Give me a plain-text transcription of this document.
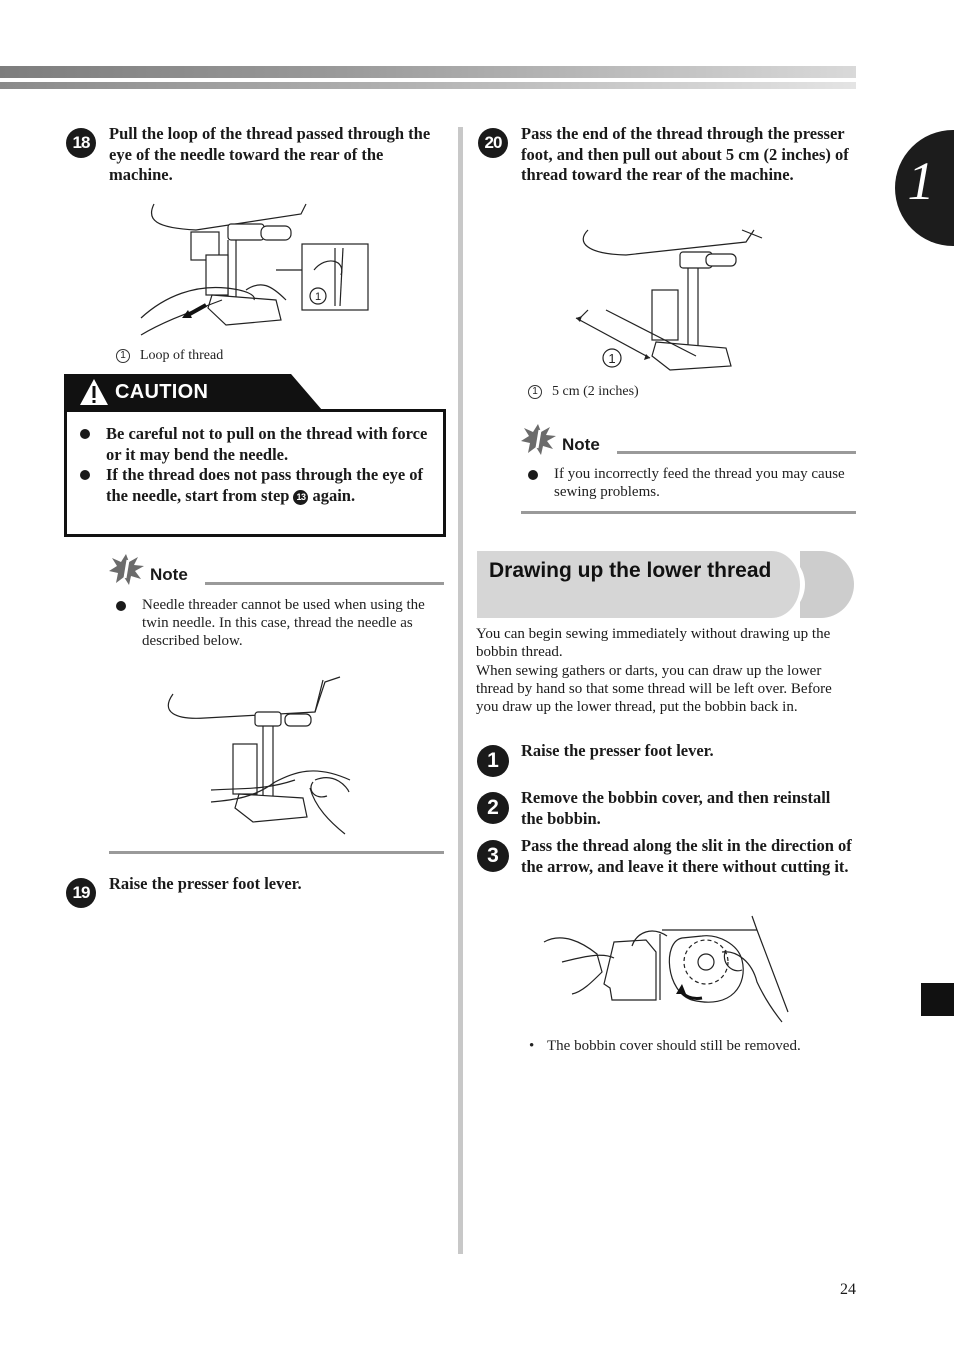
1
18	Pull the loop of the thread passed through the eye of the needle toward the rear of the machine.
1
1 Loop of thread
CAUTION
Be careful not to pull on the thread with force or it may bend the needle.
If the thread does not pass through the eye of the needle, start from step 13 again.
Note
Needle threader cannot be used when using the twin needle. In this case, thread the needle as described below.
19	Raise the presser foot lever.
20	Pass the end of the thread through the presser foot, and then pull out about 5 cm (2 inches) of thread toward the rear of the machine.
1
1 5 cm (2 inches)
Note
If you incorrectly feed the thread you may cause sewing problems.
Drawing up the lower thread
You can begin sewing immediately without drawing up the bobbin thread.
When sewing gathers or darts, you can draw up the lower thread by hand so that some thread will be left over. Before you draw up the lower thread, put the bobbin back in.
1	Raise the presser foot lever.
2	Remove the bobbin cover, and then reinstall the bobbin.
3	Pass the thread along the slit in the direction of the arrow, and leave it there without cutting it.
• The bobbin cover should still be removed.
24
